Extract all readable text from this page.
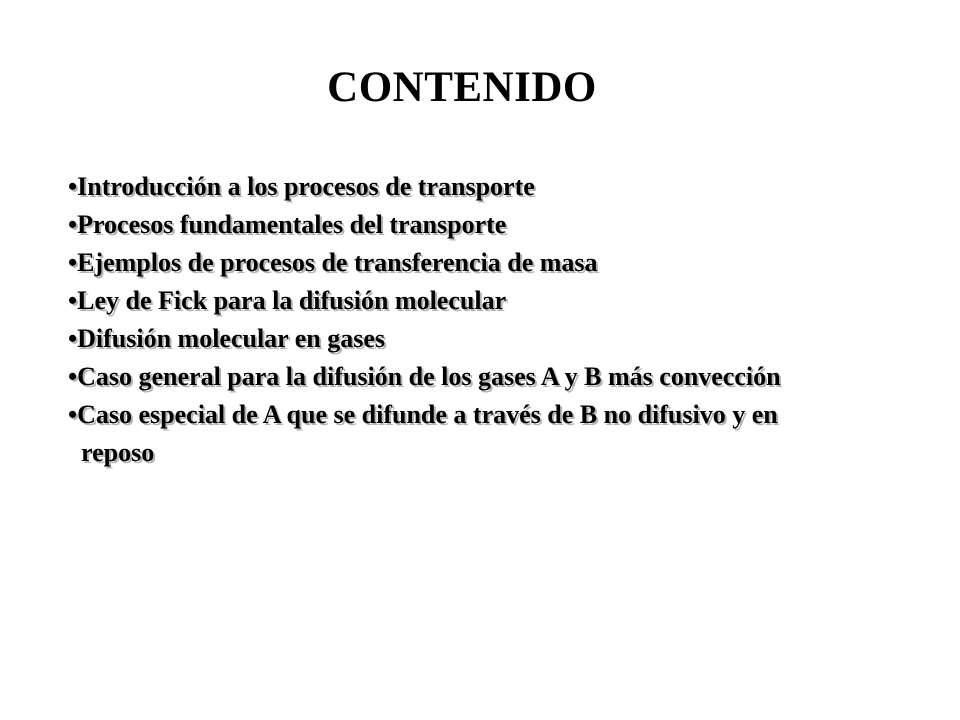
CONTENIDO
•Introducción a los procesos de transporte
•Procesos fundamentales del transporte
•Ejemplos de procesos de transferencia de masa
•Ley de Fick para la difusión molecular
•Difusión molecular en gases
•Caso general para la difusión de los gases A y B más convección
•Caso especial de A que se difunde a través de B no difusivo y en
reposo
